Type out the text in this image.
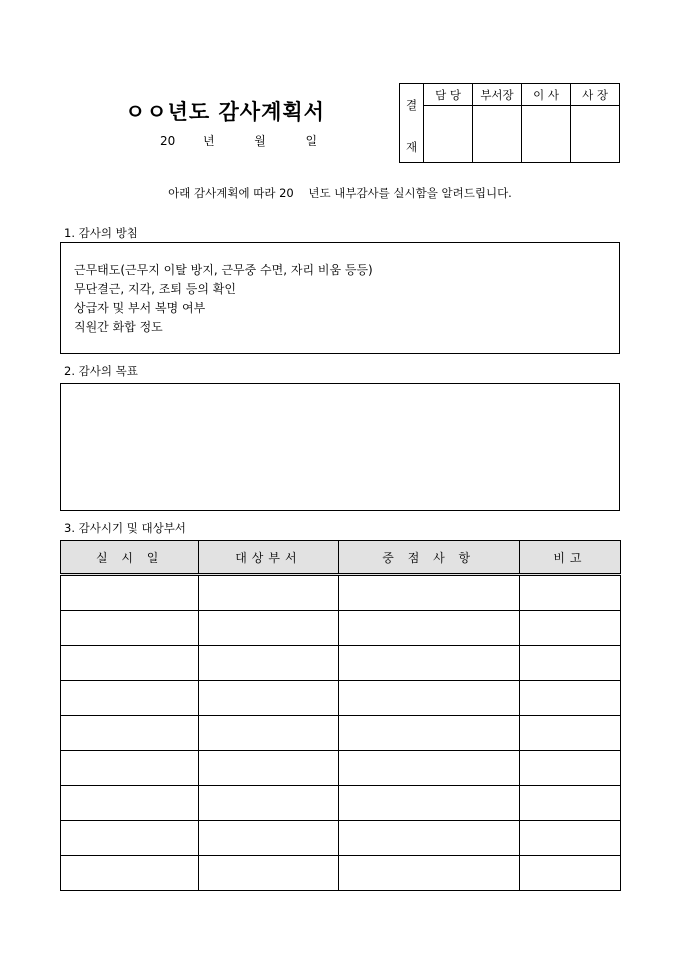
ㅇㅇ년도 감사계획서
20 년	월	일
결
재	담 당	부서장	이 사	사 장

아래 감사계획에 따라 20    년도 내부감사를 실시함을 알려드립니다.
1. 감사의 방침
근무태도(근무지 이탈 방지, 근무중 수면, 자리 비움 등등)
무단결근, 지각, 조퇴 등의 확인
상급자 및 부서 복명 여부
직원간 화합 정도
2. 감사의 목표
3. 감사시기 및 대상부서
실 시 일	대상부서	중 점 사 항	비고
